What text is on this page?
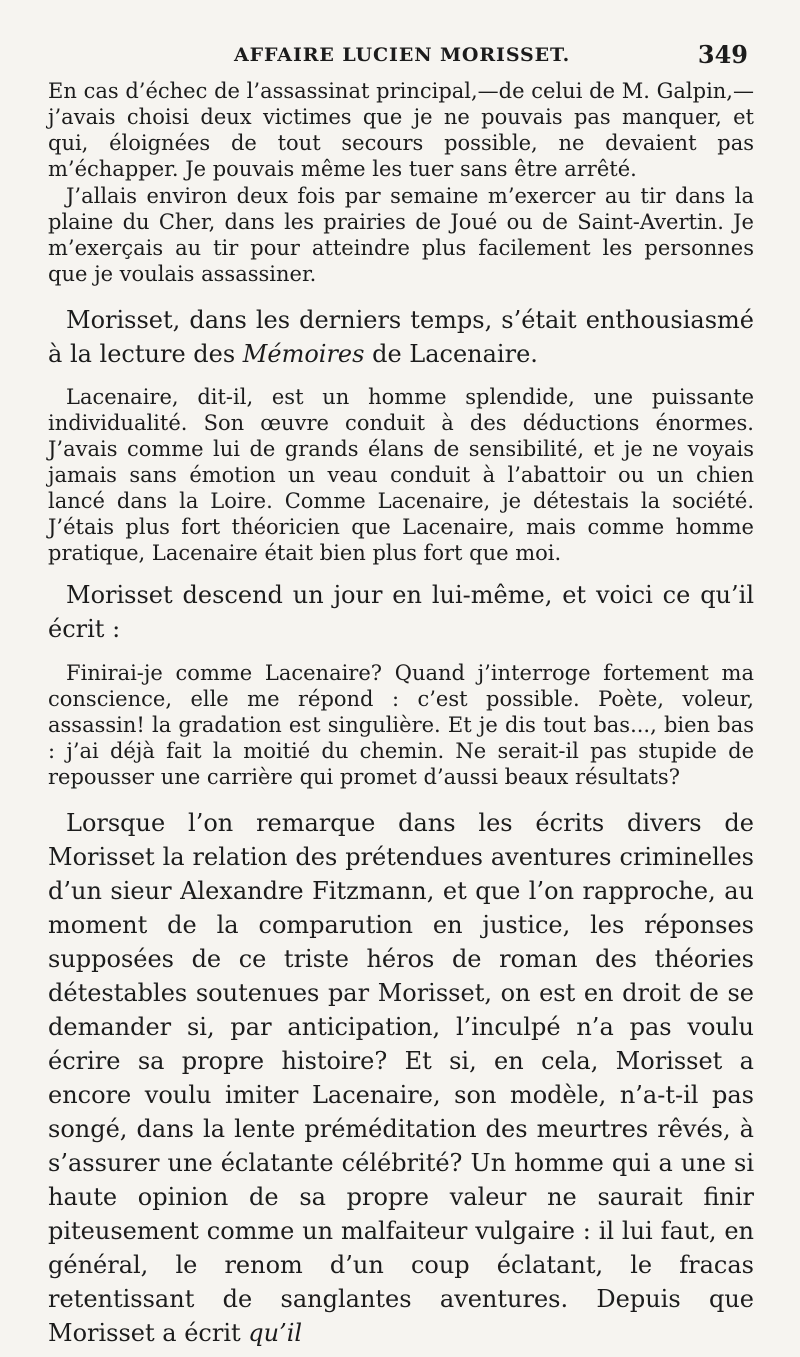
AFFAIRE LUCIEN MORISSET.	349

En cas d’échec de l’assassinat principal,—de celui de M. Galpin,— j’avais choisi deux victimes que je ne pouvais pas manquer, et qui, éloignées de tout secours possible, ne devaient pas m’échapper. Je pouvais même les tuer sans être arrêté.

J’allais environ deux fois par semaine m’exercer au tir dans la plaine du Cher, dans les prairies de Joué ou de Saint-Avertin. Je m’exerçais au tir pour atteindre plus facilement les personnes que je voulais assassiner.

Morisset, dans les derniers temps, s’était enthousiasmé à la lecture des Mémoires de Lacenaire.

Lacenaire, dit-il, est un homme splendide, une puissante individualité. Son œuvre conduit à des déductions énormes. J’avais comme lui de grands élans de sensibilité, et je ne voyais jamais sans émotion un veau conduit à l’abattoir ou un chien lancé dans la Loire. Comme Lacenaire, je détestais la société. J’étais plus fort théoricien que Lacenaire, mais comme homme pratique, Lacenaire était bien plus fort que moi.

Morisset descend un jour en lui-même, et voici ce qu’il écrit :

Finirai-je comme Lacenaire? Quand j’interroge fortement ma conscience, elle me répond : c’est possible. Poète, voleur, assassin! la gradation est singulière. Et je dis tout bas..., bien bas : j’ai déjà fait la moitié du chemin. Ne serait-il pas stupide de repousser une carrière qui promet d’aussi beaux résultats?

Lorsque l’on remarque dans les écrits divers de Morisset la relation des prétendues aventures criminelles d’un sieur Alexandre Fitzmann, et que l’on rapproche, au moment de la comparution en justice, les réponses supposées de ce triste héros de roman des théories détestables soutenues par Morisset, on est en droit de se demander si, par anticipation, l’inculpé n’a pas voulu écrire sa propre histoire? Et si, en cela, Morisset a encore voulu imiter Lacenaire, son modèle, n’a-t-il pas songé, dans la lente préméditation des meurtres rêvés, à s’assurer une éclatante célébrité? Un homme qui a une si haute opinion de sa propre valeur ne saurait finir piteusement comme un malfaiteur vulgaire : il lui faut, en général, le renom d’un coup éclatant, le fracas retentissant de sanglantes aventures. Depuis que Morisset a écrit qu’il
